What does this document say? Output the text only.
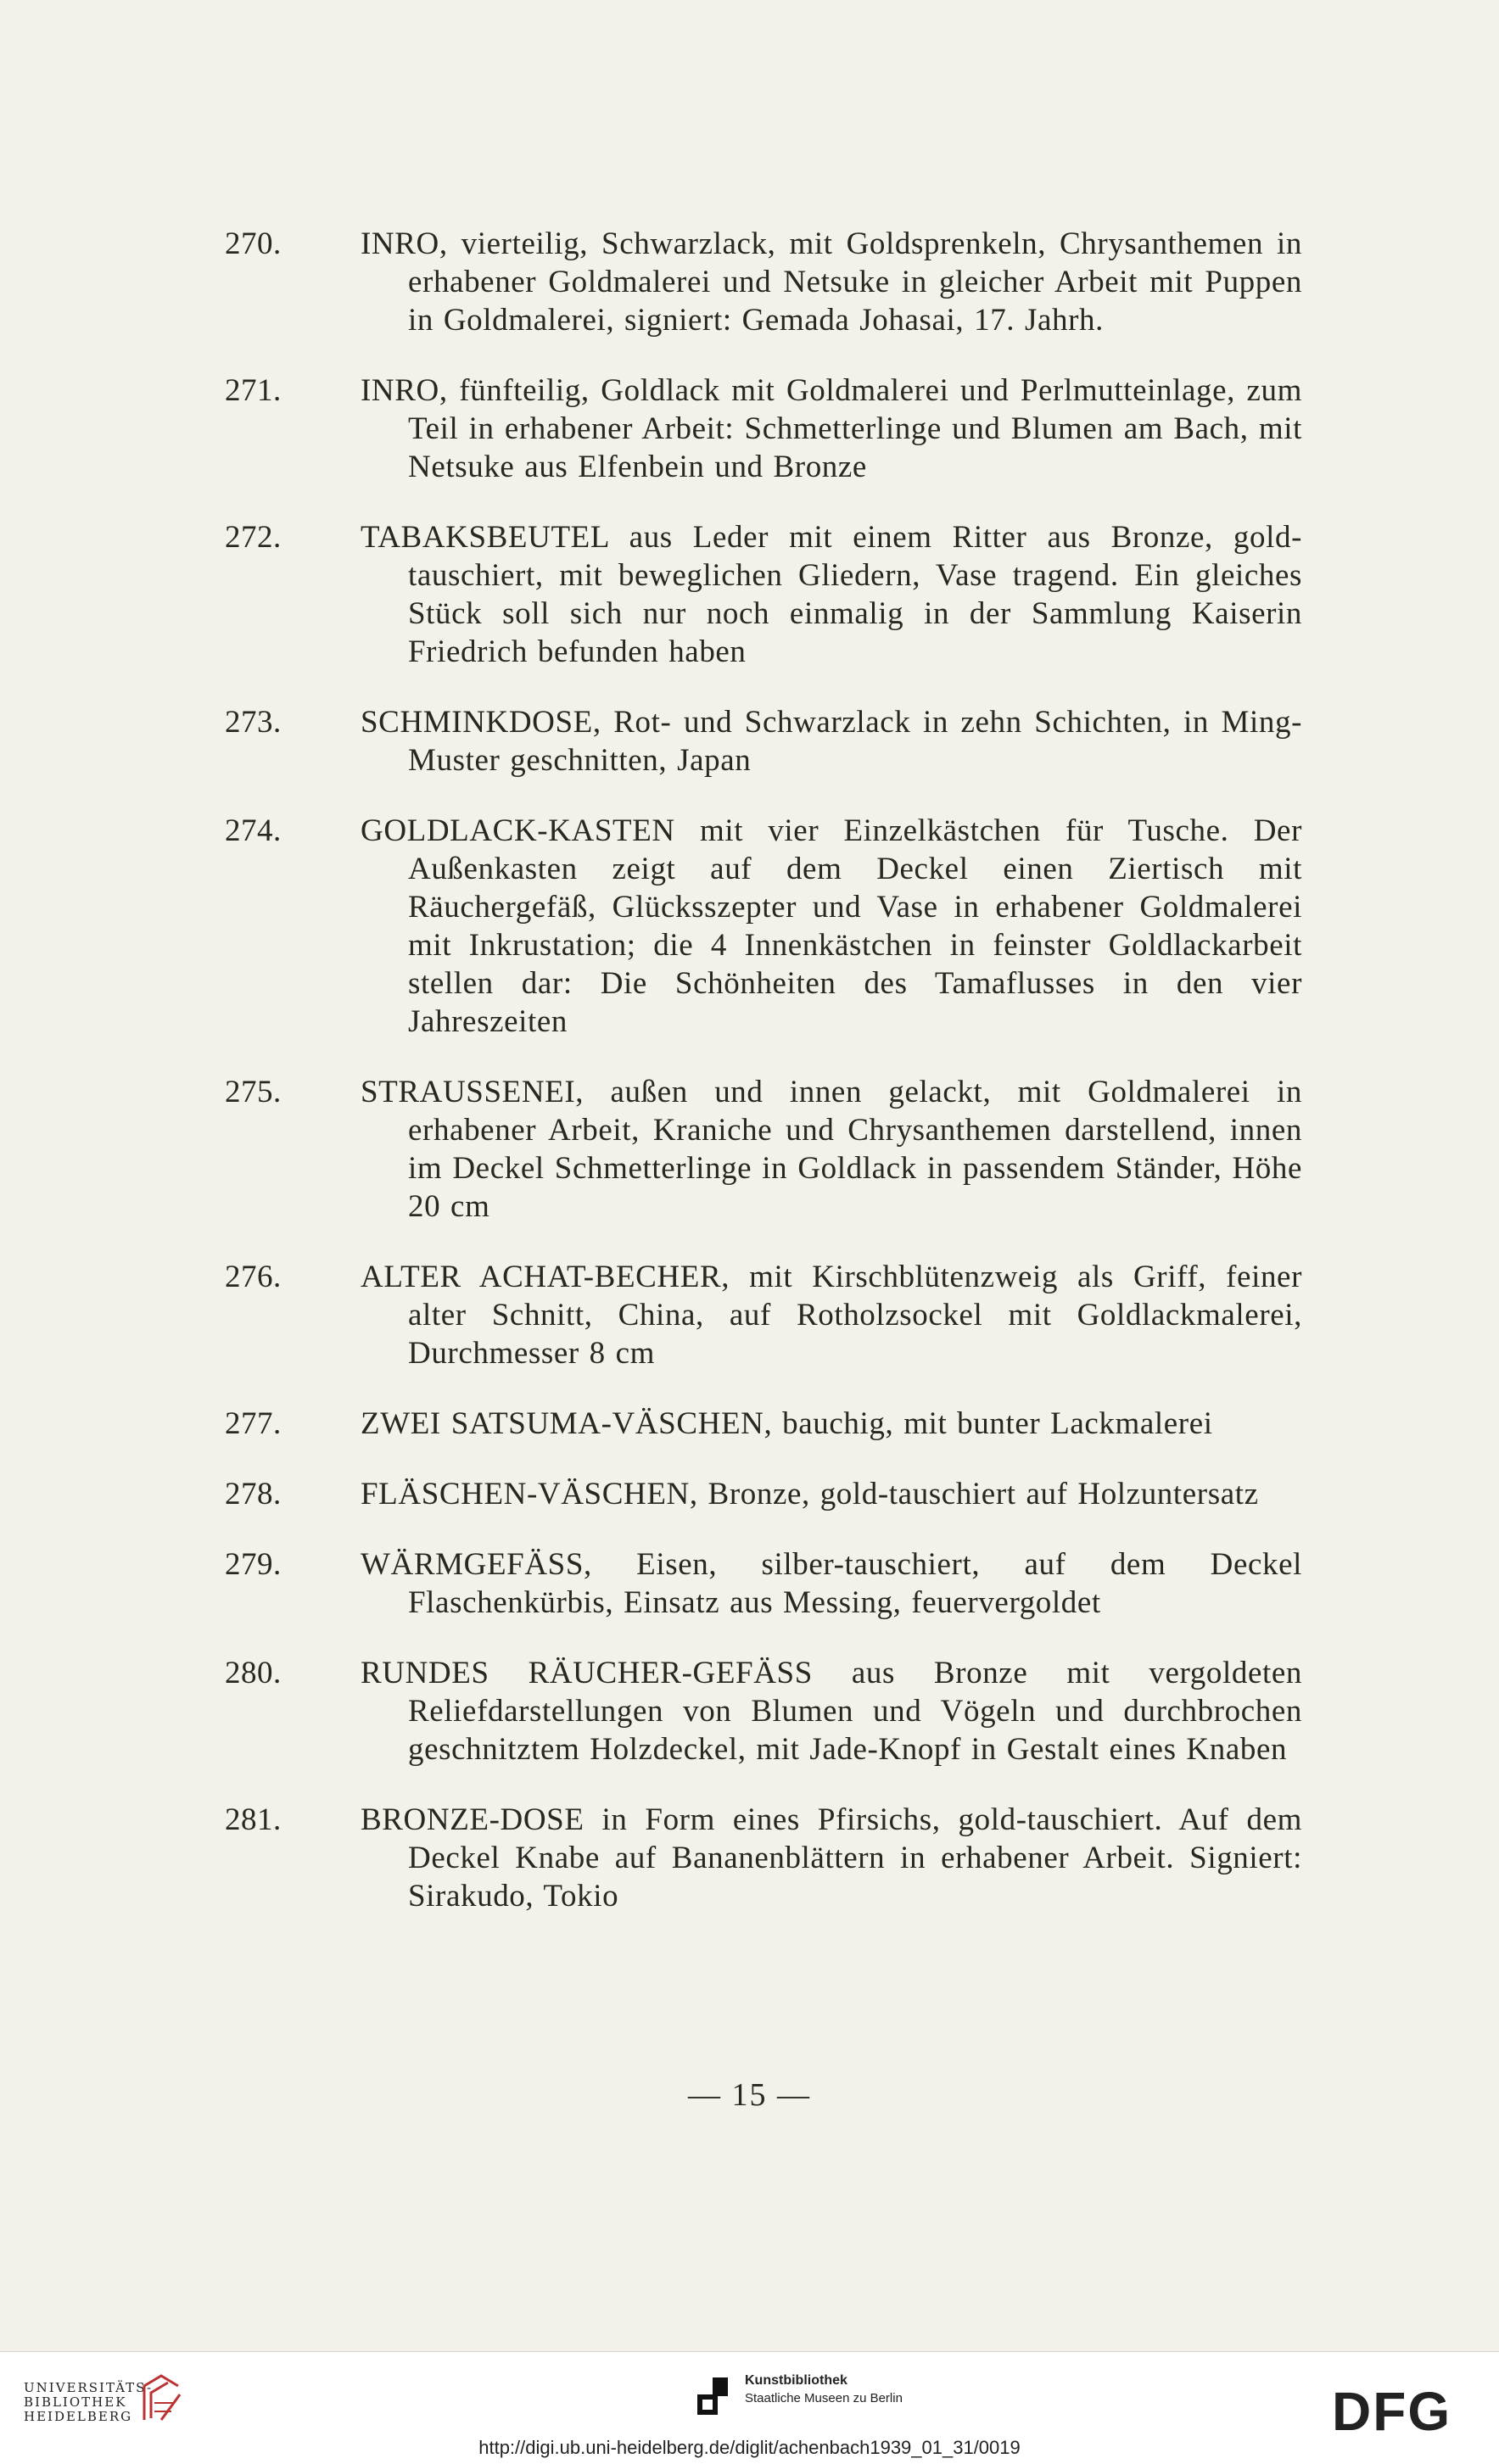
270.	INRO, vierteilig, Schwarzlack, mit Goldsprenkeln, Chrysanthemen in erhabener Goldmalerei und Netsuke in gleicher Arbeit mit Puppen in Goldmalerei, signiert: Gemada Johasai, 17. Jahrh.
271.	INRO, fünfteilig, Goldlack mit Goldmalerei und Perlmutteinlage, zum Teil in erhabener Arbeit: Schmetterlinge und Blumen am Bach, mit Netsuke aus Elfenbein und Bronze
272.	TABAKSBEUTEL aus Leder mit einem Ritter aus Bronze, gold-tauschiert, mit beweglichen Gliedern, Vase tragend. Ein gleiches Stück soll sich nur noch einmalig in der Sammlung Kaiserin Friedrich befunden haben
273.	SCHMINKDOSE, Rot- und Schwarzlack in zehn Schichten, in Ming-Muster geschnitten, Japan
274.	GOLDLACK-KASTEN mit vier Einzelkästchen für Tusche. Der Außenkasten zeigt auf dem Deckel einen Ziertisch mit Räuchergefäß, Glücksszepter und Vase in erhabener Goldmalerei mit Inkrustation; die 4 Innenkästchen in feinster Goldlackarbeit stellen dar: Die Schönheiten des Tamaflusses in den vier Jahreszeiten
275.	STRAUSSENEI, außen und innen gelackt, mit Goldmalerei in erhabener Arbeit, Kraniche und Chrysanthemen darstellend, innen im Deckel Schmetterlinge in Goldlack in passendem Ständer, Höhe 20 cm
276.	ALTER ACHAT-BECHER, mit Kirschblütenzweig als Griff, feiner alter Schnitt, China, auf Rotholzsockel mit Goldlackmalerei, Durchmesser 8 cm
277.	ZWEI SATSUMA-VÄSCHEN, bauchig, mit bunter Lackmalerei
278.	FLÄSCHEN-VÄSCHEN, Bronze, gold-tauschiert auf Holzuntersatz
279.	WÄRMGEFÄSS, Eisen, silber-tauschiert, auf dem Deckel Flaschenkürbis, Einsatz aus Messing, feuervergoldet
280.	RUNDES RÄUCHER-GEFÄSS aus Bronze mit vergoldeten Reliefdarstellungen von Blumen und Vögeln und durchbrochen geschnitztem Holzdeckel, mit Jade-Knopf in Gestalt eines Knaben
281.	BRONZE-DOSE in Form eines Pfirsichs, gold-tauschiert. Auf dem Deckel Knabe auf Bananenblättern in erhabener Arbeit. Signiert: Sirakudo, Tokio
— 15 —
UNIVERSITÄTS-
BIBLIOTHEK
HEIDELBERG
Kunstbibliothek
Staatliche Museen zu Berlin	DFG
http://digi.ub.uni-heidelberg.de/diglit/achenbach1939_01_31/0019
